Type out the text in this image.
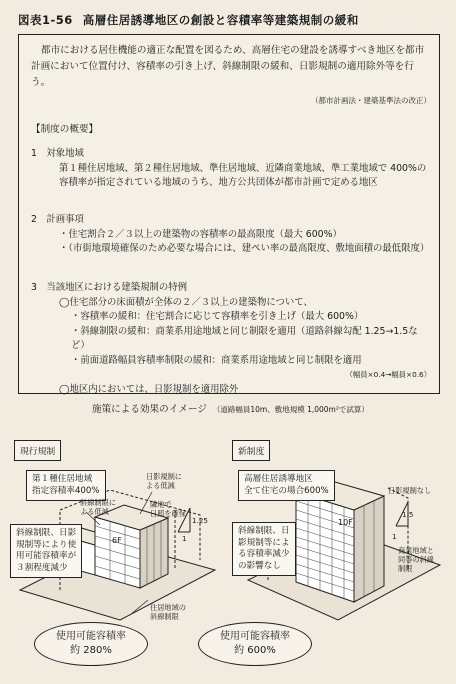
図表1-56 高層住居誘導地区の創設と容積率等建築規制の緩和
都市における居住機能の適正な配置を図るため、高層住宅の建設を誘導すべき地区を都市計画において位置付け、容積率の引き上げ、斜線制限の緩和、日影規制の適用除外等を行う。
（都市計画法・建築基準法の改正）
【制度の概要】
1　対象地域
第１種住居地域、第２種住居地域、準住居地域、近隣商業地域、準工業地域で 400%の容積率が指定されている地域のうち、地方公共団体が都市計画で定める地区
2　計画事項
・住宅割合２／３以上の建築物の容積率の最高限度（最大 600%）
・（市街地環境確保のため必要な場合には、建ぺい率の最高限度、敷地面積の最低限度）
3　当該地区における建築規制の特例
◯住宅部分の床面積が全体の２／３以上の建築物について、
・容積率の緩和：住宅割合に応じて容積率を引き上げ（最大 600%）
・斜線制限の緩和：商業系用途地域と同じ制限を適用（道路斜線勾配 1.25→1.5など）
・前面道路幅員容積率制限の緩和：商業系用途地域と同じ制限を適用
（幅員×0.4→幅員×0.6）
◯地区内においては、日影規制を適用除外
施策による効果のイメージ （道路幅員10m、敷地規模 1,000m²で試算）
現行規制
第１種住居地域
指定容積率400%
斜線制限、日影
規制等により使
用可能容積率が
３割程度減少
日影規制に
よる低減
斜線制限に
よる低減
隣地で
日照を確保
1.25
1
6F
住居地域の
斜線制限
使用可能容積率
約 280%
新制度
高層住居誘導地区
全て住宅の場合600%
斜線制限、日
影規制等によ
る容積率減少
の影響なし
日影規制なし
1.5
1
10F
商業地域と
同等の斜線
制限
使用可能容積率
約 600%
